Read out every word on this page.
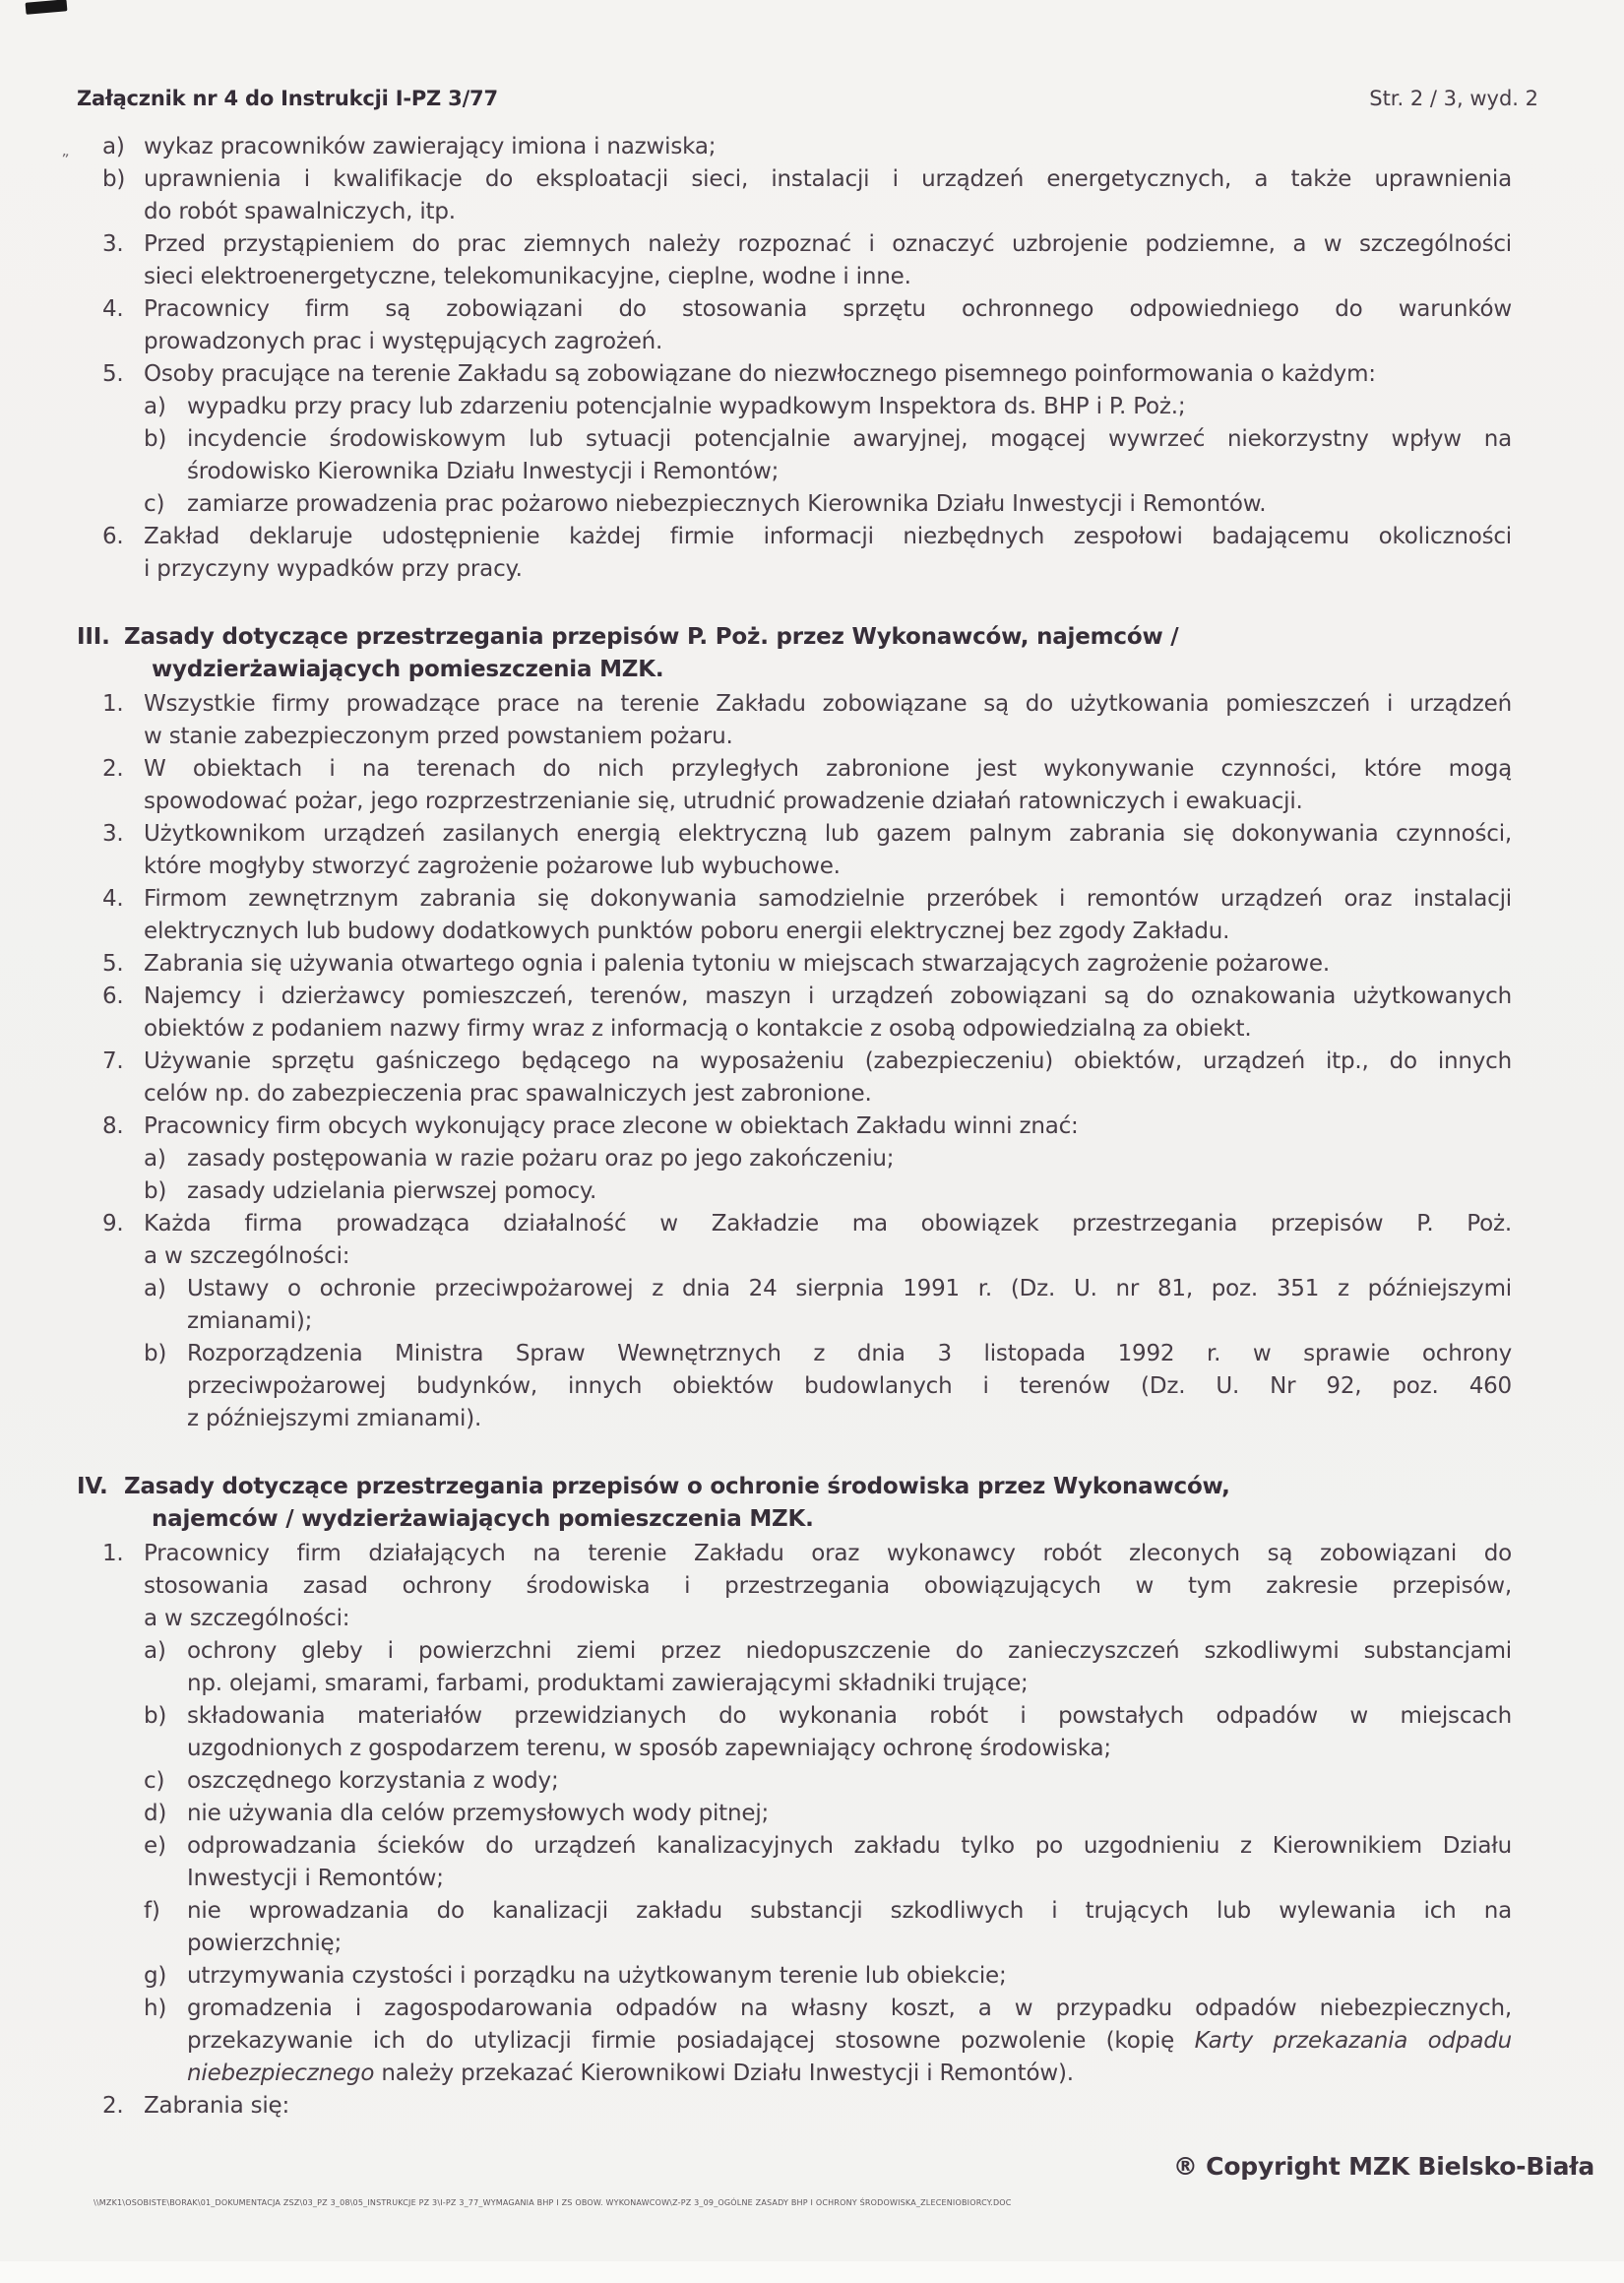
”
Załącznik nr 4 do Instrukcji I-PZ 3/77	Str. 2 / 3, wyd. 2
a) wykaz pracowników zawierający imiona i nazwiska;
b) uprawnienia i kwalifikacje do eksploatacji sieci, instalacji i urządzeń energetycznych, a także uprawnienia
do robót spawalniczych, itp.
3. Przed przystąpieniem do prac ziemnych należy rozpoznać i oznaczyć uzbrojenie podziemne, a w szczególności
sieci elektroenergetyczne, telekomunikacyjne, cieplne, wodne i inne.
4. Pracownicy firm są zobowiązani do stosowania sprzętu ochronnego odpowiedniego do warunków
prowadzonych prac i występujących zagrożeń.
5. Osoby pracujące na terenie Zakładu są zobowiązane do niezwłocznego pisemnego poinformowania o każdym:
a) wypadku przy pracy lub zdarzeniu potencjalnie wypadkowym Inspektora ds. BHP i P. Poż.;
b) incydencie środowiskowym lub sytuacji potencjalnie awaryjnej, mogącej wywrzeć niekorzystny wpływ na
środowisko Kierownika Działu Inwestycji i Remontów;
c) zamiarze prowadzenia prac pożarowo niebezpiecznych Kierownika Działu Inwestycji i Remontów.
6. Zakład deklaruje udostępnienie każdej firmie informacji niezbędnych zespołowi badającemu okoliczności
i przyczyny wypadków przy pracy.
III. Zasady dotyczące przestrzegania przepisów P. Poż. przez Wykonawców, najemców /
wydzierżawiających pomieszczenia MZK.
1. Wszystkie firmy prowadzące prace na terenie Zakładu zobowiązane są do użytkowania pomieszczeń i urządzeń
w stanie zabezpieczonym przed powstaniem pożaru.
2. W obiektach i na terenach do nich przyległych zabronione jest wykonywanie czynności, które mogą
spowodować pożar, jego rozprzestrzenianie się, utrudnić prowadzenie działań ratowniczych i ewakuacji.
3. Użytkownikom urządzeń zasilanych energią elektryczną lub gazem palnym zabrania się dokonywania czynności,
które mogłyby stworzyć zagrożenie pożarowe lub wybuchowe.
4. Firmom zewnętrznym zabrania się dokonywania samodzielnie przeróbek i remontów urządzeń oraz instalacji
elektrycznych lub budowy dodatkowych punktów poboru energii elektrycznej bez zgody Zakładu.
5. Zabrania się używania otwartego ognia i palenia tytoniu w miejscach stwarzających zagrożenie pożarowe.
6. Najemcy i dzierżawcy pomieszczeń, terenów, maszyn i urządzeń zobowiązani są do oznakowania użytkowanych
obiektów z podaniem nazwy firmy wraz z informacją o kontakcie z osobą odpowiedzialną za obiekt.
7. Używanie sprzętu gaśniczego będącego na wyposażeniu (zabezpieczeniu) obiektów, urządzeń itp., do innych
celów np. do zabezpieczenia prac spawalniczych jest zabronione.
8. Pracownicy firm obcych wykonujący prace zlecone w obiektach Zakładu winni znać:
a) zasady postępowania w razie pożaru oraz po jego zakończeniu;
b) zasady udzielania pierwszej pomocy.
9. Każda firma prowadząca działalność w Zakładzie ma obowiązek przestrzegania przepisów P. Poż.
a w szczególności:
a) Ustawy o ochronie przeciwpożarowej z dnia 24 sierpnia 1991 r. (Dz. U. nr 81, poz. 351 z późniejszymi
zmianami);
b) Rozporządzenia Ministra Spraw Wewnętrznych z dnia 3 listopada 1992 r. w sprawie ochrony
przeciwpożarowej budynków, innych obiektów budowlanych i terenów (Dz. U. Nr 92, poz. 460
z późniejszymi zmianami).
IV. Zasady dotyczące przestrzegania przepisów o ochronie środowiska przez Wykonawców,
najemców / wydzierżawiających pomieszczenia MZK.
1. Pracownicy firm działających na terenie Zakładu oraz wykonawcy robót zleconych są zobowiązani do
stosowania zasad ochrony środowiska i przestrzegania obowiązujących w tym zakresie przepisów,
a w szczególności:
a) ochrony gleby i powierzchni ziemi przez niedopuszczenie do zanieczyszczeń szkodliwymi substancjami
np. olejami, smarami, farbami, produktami zawierającymi składniki trujące;
b) składowania materiałów przewidzianych do wykonania robót i powstałych odpadów w miejscach
uzgodnionych z gospodarzem terenu, w sposób zapewniający ochronę środowiska;
c) oszczędnego korzystania z wody;
d) nie używania dla celów przemysłowych wody pitnej;
e) odprowadzania ścieków do urządzeń kanalizacyjnych zakładu tylko po uzgodnieniu z Kierownikiem Działu
Inwestycji i Remontów;
f)	nie wprowadzania do kanalizacji zakładu substancji szkodliwych i trujących lub wylewania ich na
powierzchnię;
g) utrzymywania czystości i porządku na użytkowanym terenie lub obiekcie;
h) gromadzenia i zagospodarowania odpadów na własny koszt, a w przypadku odpadów niebezpiecznych,
przekazywanie ich do utylizacji firmie posiadającej stosowne pozwolenie (kopię Karty przekazania odpadu
niebezpiecznego należy przekazać Kierownikowi Działu Inwestycji i Remontów).
2. Zabrania się:
® Copyright MZK Bielsko-Biała
\\MZK1\OSOBISTE\BORAK\01_DOKUMENTACJA ZSZ\03_PZ 3_08\05_INSTRUKCJE PZ 3\I-PZ 3_77_WYMAGANIA BHP I ZS OBOW. WYKONAWCOW\Z-PZ 3_09_OGÓLNE ZASADY BHP I OCHRONY ŚRODOWISKA_ZLECENIOBIORCY.DOC
